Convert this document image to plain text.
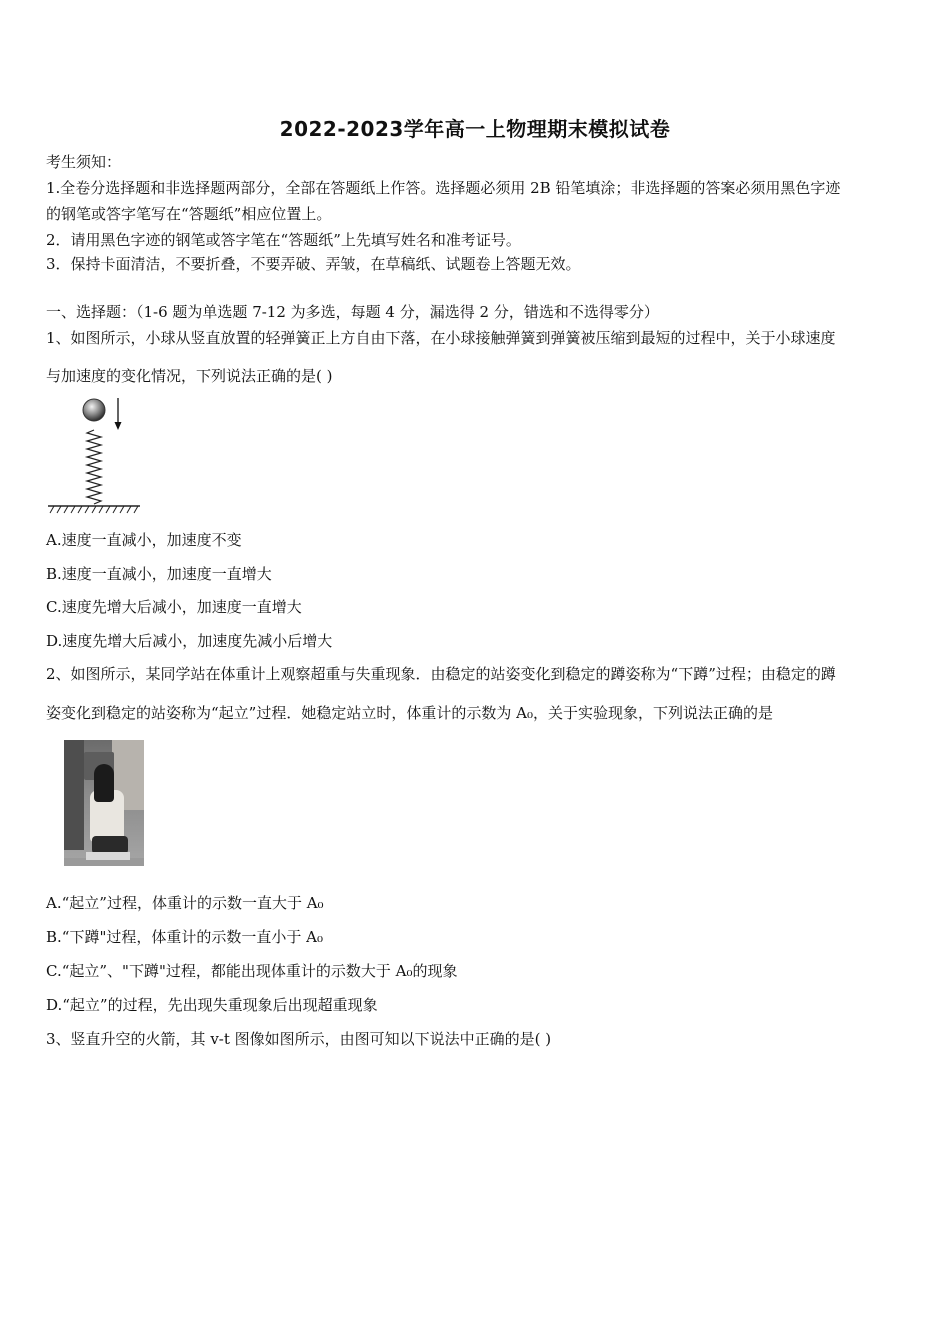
2022-2023学年高一上物理期末模拟试卷
考生须知：
1.全卷分选择题和非选择题两部分，全部在答题纸上作答。选择题必须用 2B 铅笔填涂；非选择题的答案必须用黑色字迹
的钢笔或答字笔写在“答题纸”相应位置上。
2．请用黑色字迹的钢笔或答字笔在“答题纸”上先填写姓名和准考证号。
3．保持卡面清洁，不要折叠，不要弄破、弄皱，在草稿纸、试题卷上答题无效。
一、选择题：（1-6 题为单选题 7-12 为多选，每题 4 分，漏选得 2 分，错选和不选得零分）
1、如图所示，小球从竖直放置的轻弹簧正上方自由下落，在小球接触弹簧到弹簧被压缩到最短的过程中，关于小球速度
与加速度的变化情况，下列说法正确的是( )
A.速度一直减小，加速度不变
B.速度一直减小，加速度一直增大
C.速度先增大后减小，加速度一直增大
D.速度先增大后减小，加速度先减小后增大
2、如图所示，某同学站在体重计上观察超重与失重现象．由稳定的站姿变化到稳定的蹲姿称为“下蹲”过程；由稳定的蹲
姿变化到稳定的站姿称为“起立”过程．她稳定站立时，体重计的示数为 A₀，关于实验现象，下列说法正确的是
A.“起立”过程，体重计的示数一直大于 A₀
B.“下蹲"过程，体重计的示数一直小于 A₀
C.“起立”、"下蹲"过程，都能出现体重计的示数大于 A₀的现象
D.“起立”的过程，先出现失重现象后出现超重现象
3、竖直升空的火箭，其 v-t 图像如图所示，由图可知以下说法中正确的是( )
